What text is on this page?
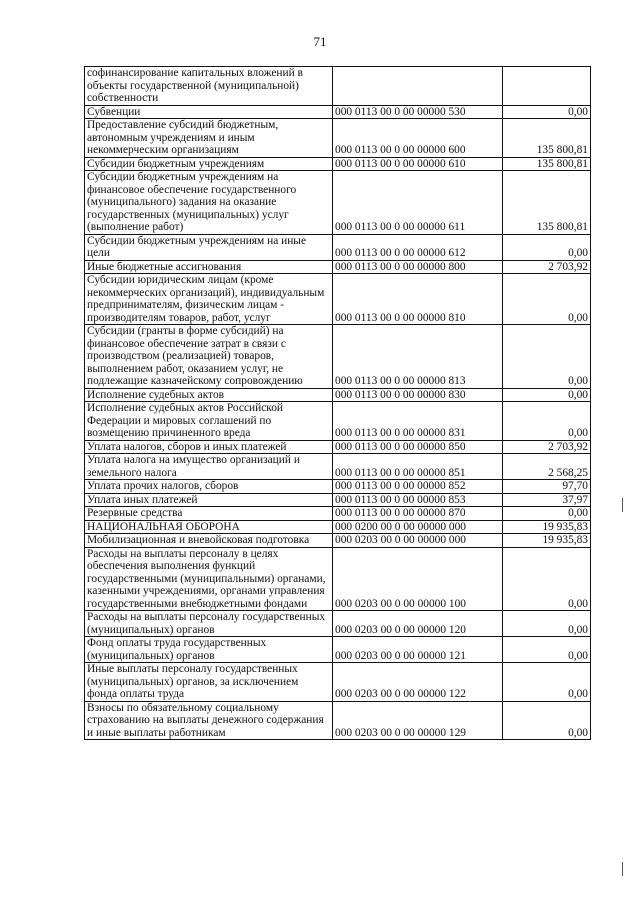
71
софинансирование капитальных вложений в объекты государственной (муниципальной) собственности		
Субвенции	000 0113 00 0 00 00000 530	0,00
Предоставление субсидий бюджетным, автономным учреждениям и иным некоммерческим организациям	000 0113 00 0 00 00000 600	135 800,81
Субсидии бюджетным учреждениям	000 0113 00 0 00 00000 610	135 800,81
Субсидии бюджетным учреждениям на финансовое обеспечение государственного (муниципального) задания на оказание государственных (муниципальных) услуг (выполнение работ)	000 0113 00 0 00 00000 611	135 800,81
Субсидии бюджетным учреждениям на иные цели	000 0113 00 0 00 00000 612	0,00
Иные бюджетные ассигнования	000 0113 00 0 00 00000 800	2 703,92
Субсидии юридическим лицам (кроме некоммерческих организаций), индивидуальным предпринимателям, физическим лицам - производителям товаров, работ, услуг	000 0113 00 0 00 00000 810	0,00
Субсидии (гранты в форме субсидий) на финансовое обеспечение затрат в связи с производством (реализацией) товаров, выполнением работ, оказанием услуг, не подлежащие казначейскому сопровождению	000 0113 00 0 00 00000 813	0,00
Исполнение судебных актов	000 0113 00 0 00 00000 830	0,00
Исполнение судебных актов Российской Федерации и мировых соглашений по возмещению причиненного вреда	000 0113 00 0 00 00000 831	0,00
Уплата налогов, сборов и иных платежей	000 0113 00 0 00 00000 850	2 703,92
Уплата налога на имущество организаций и земельного налога	000 0113 00 0 00 00000 851	2 568,25
Уплата прочих налогов, сборов	000 0113 00 0 00 00000 852	97,70
Уплата иных платежей	000 0113 00 0 00 00000 853	37,97
Резервные средства	000 0113 00 0 00 00000 870	0,00
НАЦИОНАЛЬНАЯ ОБОРОНА	000 0200 00 0 00 00000 000	19 935,83
Мобилизационная и вневойсковая подготовка	000 0203 00 0 00 00000 000	19 935,83
Расходы на выплаты персоналу в целях обеспечения выполнения функций государственными (муниципальными) органами, казенными учреждениями, органами управления государственными внебюджетными фондами	000 0203 00 0 00 00000 100	0,00
Расходы на выплаты персоналу государственных (муниципальных) органов	000 0203 00 0 00 00000 120	0,00
Фонд оплаты труда государственных (муниципальных) органов	000 0203 00 0 00 00000 121	0,00
Иные выплаты персоналу государственных (муниципальных) органов, за исключением фонда оплаты труда	000 0203 00 0 00 00000 122	0,00
Взносы по обязательному социальному страхованию на выплаты денежного содержания и иные выплаты работникам	000 0203 00 0 00 00000 129	0,00
